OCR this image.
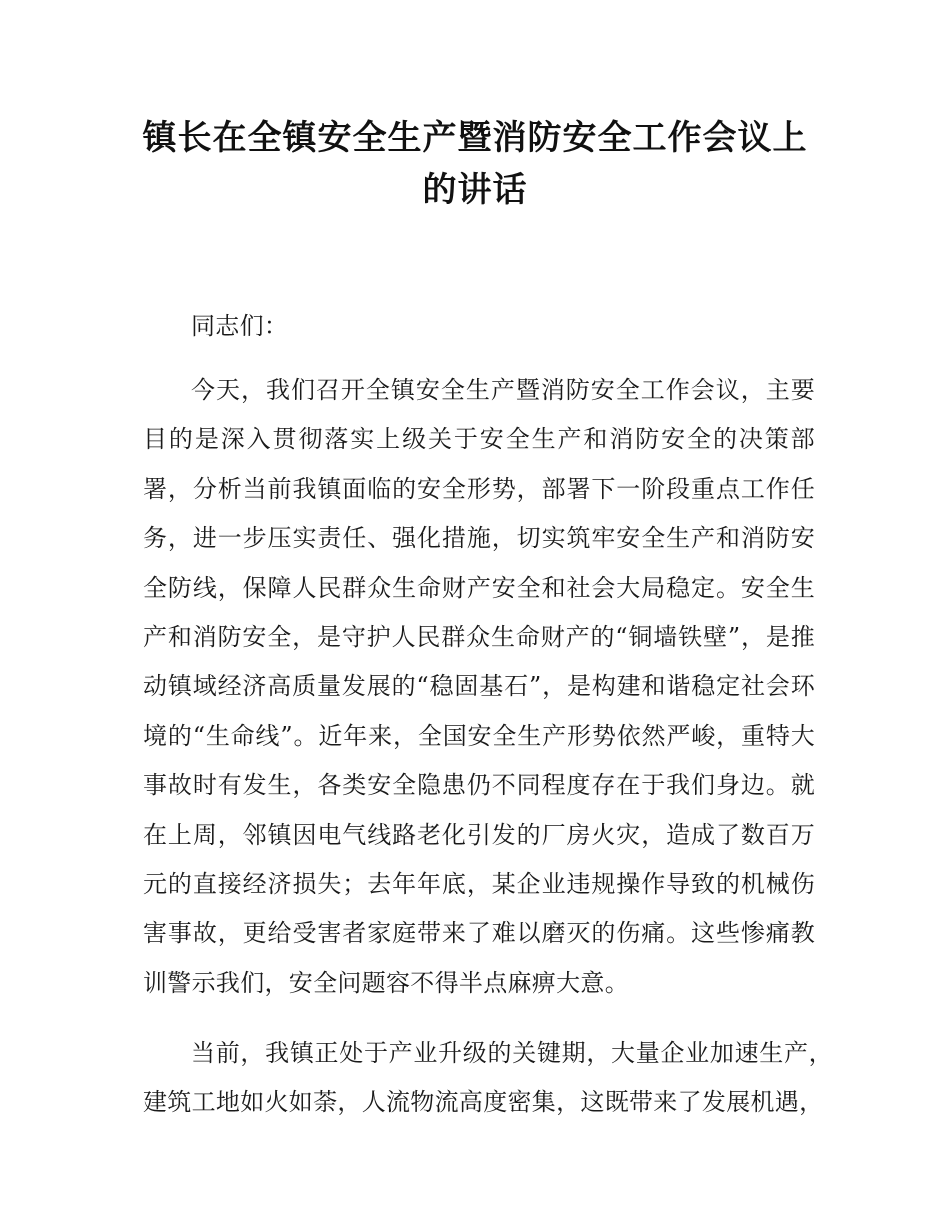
镇长在全镇安全生产暨消防安全工作会议上
的讲话

同志们：

今天，我们召开全镇安全生产暨消防安全工作会议，主要目的是深入贯彻落实上级关于安全生产和消防安全的决策部署，分析当前我镇面临的安全形势，部署下一阶段重点工作任务，进一步压实责任、强化措施，切实筑牢安全生产和消防安全防线，保障人民群众生命财产安全和社会大局稳定。安全生产和消防安全，是守护人民群众生命财产的“铜墙铁壁”，是推动镇域经济高质量发展的“稳固基石”，是构建和谐稳定社会环境的“生命线”。近年来，全国安全生产形势依然严峻，重特大事故时有发生，各类安全隐患仍不同程度存在于我们身边。就在上周，邻镇因电气线路老化引发的厂房火灾，造成了数百万元的直接经济损失；去年年底，某企业违规操作导致的机械伤害事故，更给受害者家庭带来了难以磨灭的伤痛。这些惨痛教训警示我们，安全问题容不得半点麻痹大意。

当前，我镇正处于产业升级的关键期，大量企业加速生产，建筑工地如火如荼，人流物流高度密集，这既带来了发展机遇，
